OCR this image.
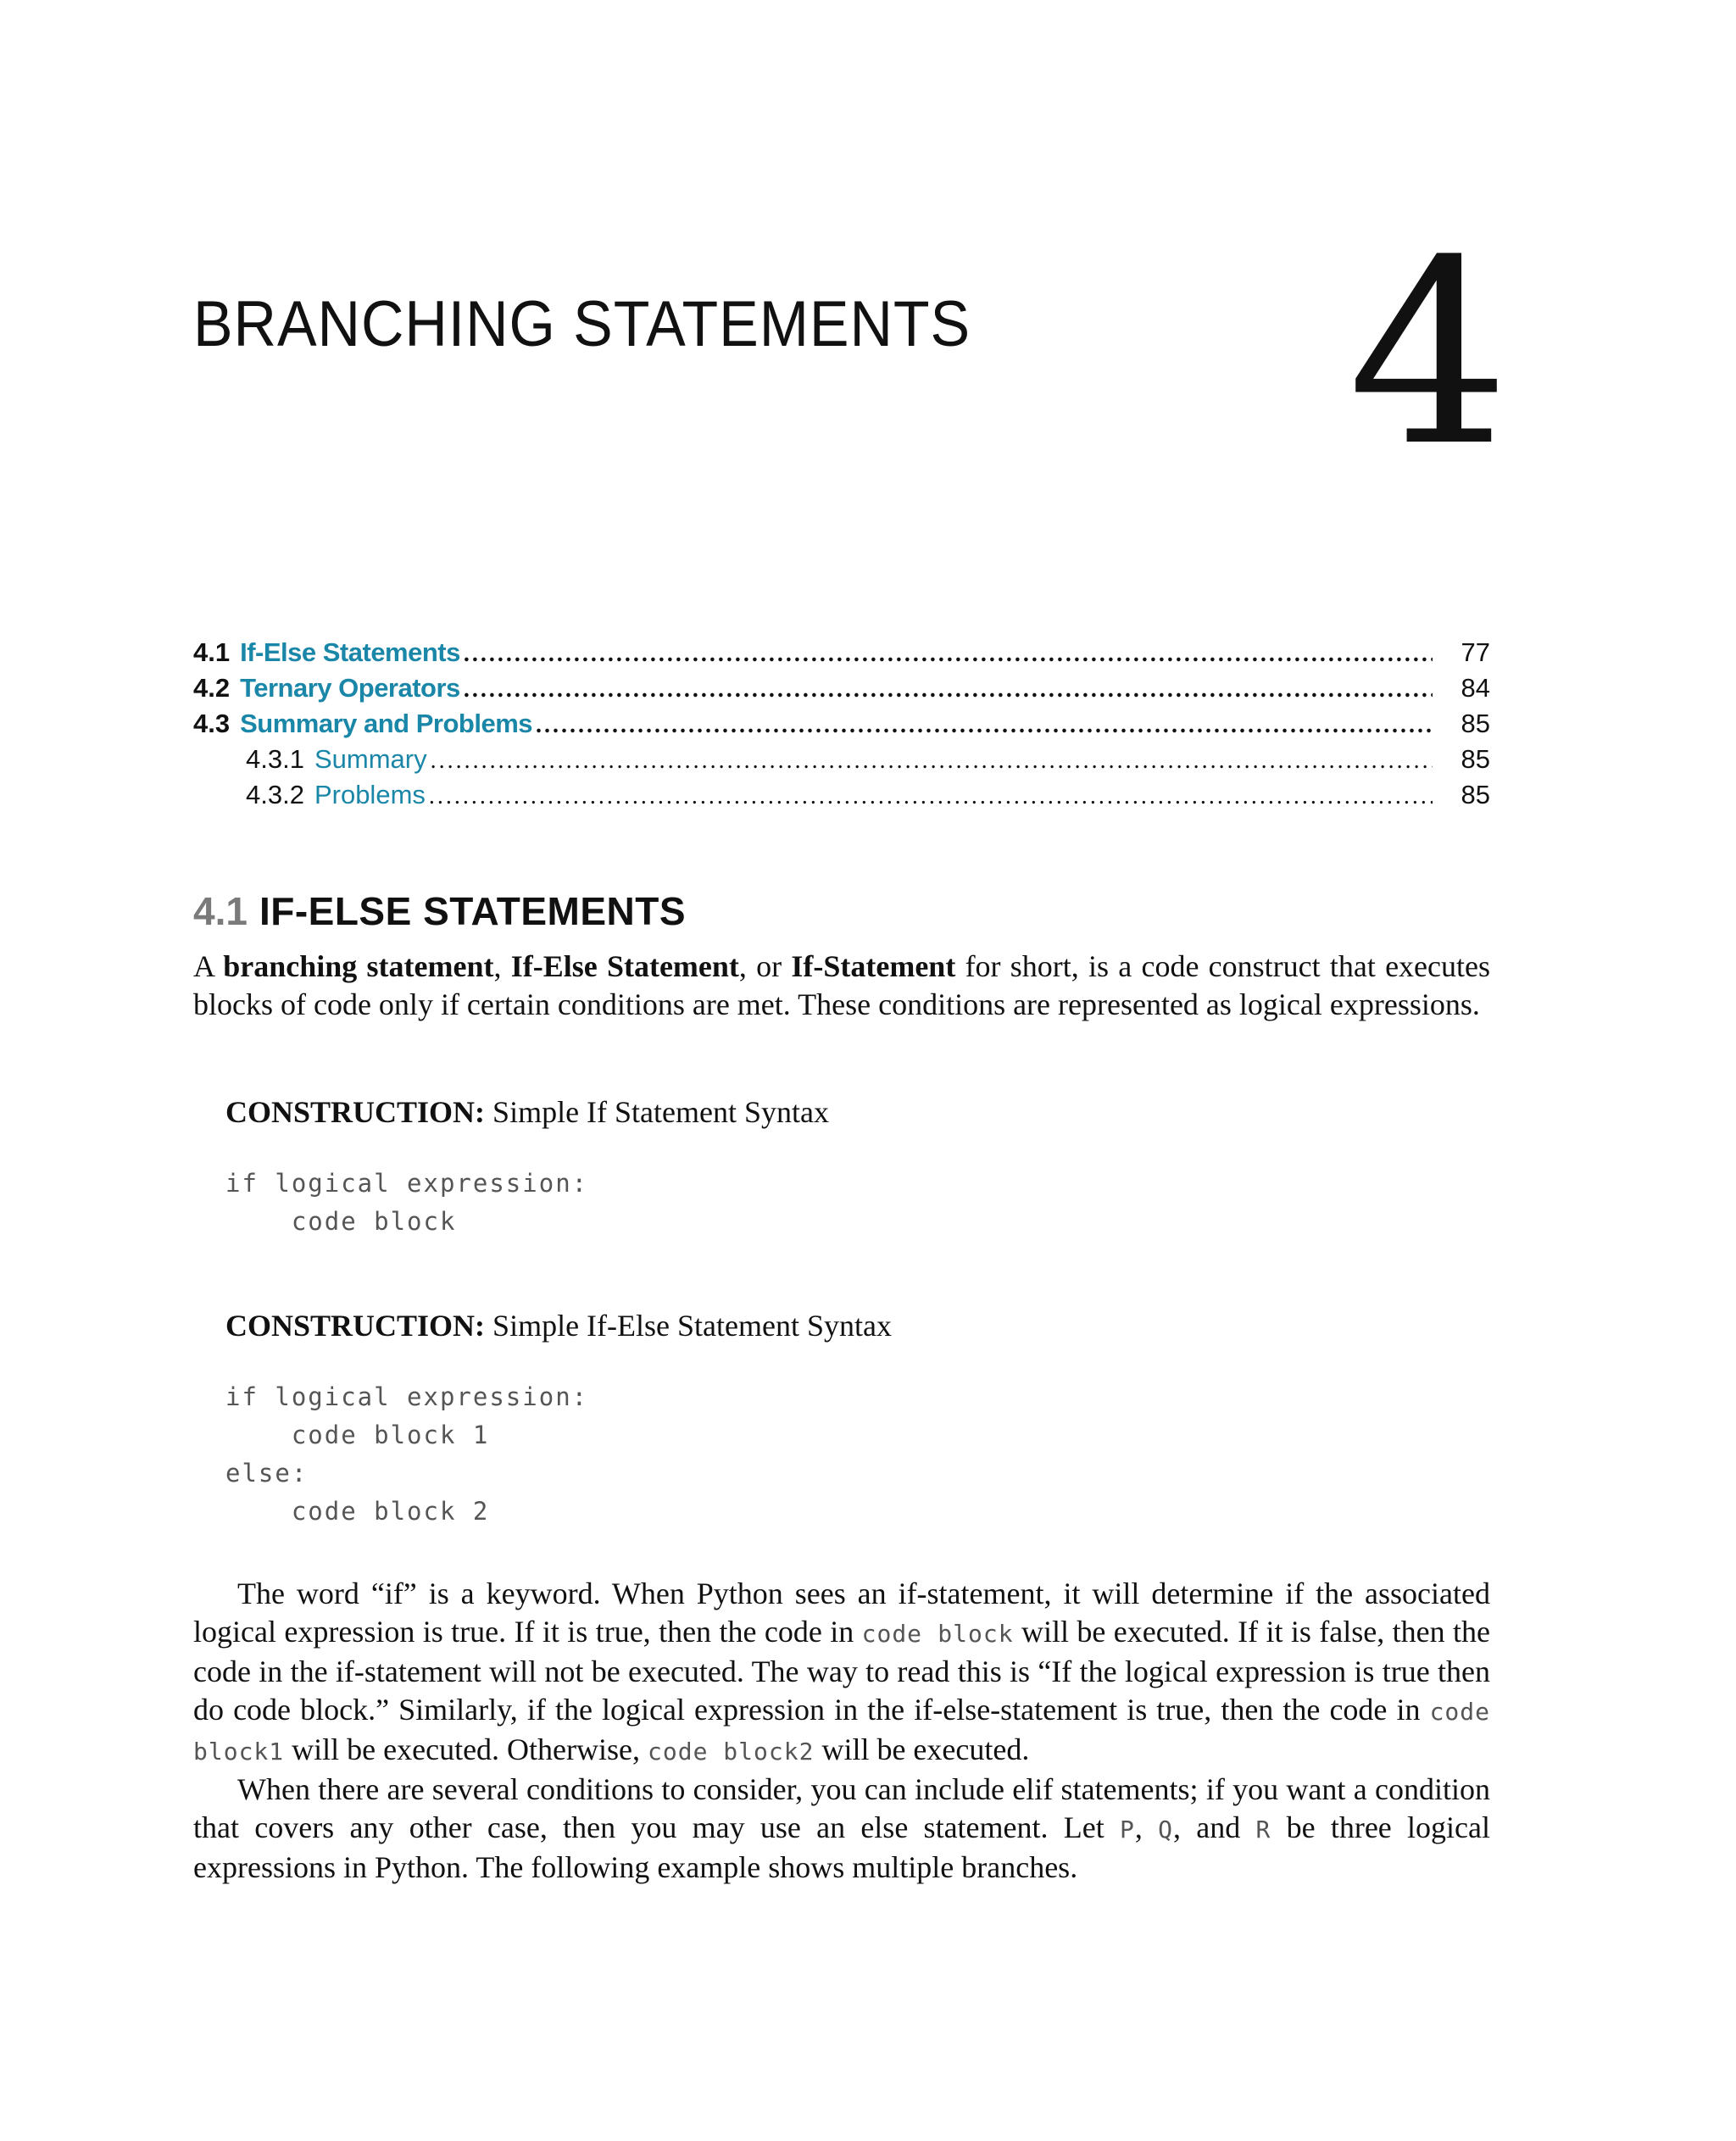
BRANCHING STATEMENTS 4
4.1 If-Else Statements .....	77
4.2 Ternary Operators .....	84
4.3 Summary and Problems .....	85
4.3.1 Summary .....	85
4.3.2 Problems .....	85
4.1 IF-ELSE STATEMENTS

A branching statement, If-Else Statement, or If-Statement for short, is a code construct that executes blocks of code only if certain conditions are met. These conditions are represented as logical expressions.

CONSTRUCTION: Simple If Statement Syntax
if logical expression:
code block
CONSTRUCTION: Simple If-Else Statement Syntax
if logical expression:
code block 1
else:
code block 2

The word “if” is a keyword. When Python sees an if-statement, it will determine if the associated logical expression is true. If it is true, then the code in code block will be executed. If it is false, then the code in the if-statement will not be executed. The way to read this is “If the logical expression is true then do code block.” Similarly, if the logical expression in the if-else-statement is true, then the code in code block1 will be executed. Otherwise, code block2 will be executed.

When there are several conditions to consider, you can include elif statements; if you want a condition that covers any other case, then you may use an else statement. Let P, Q, and R be three logical expressions in Python. The following example shows multiple branches.
